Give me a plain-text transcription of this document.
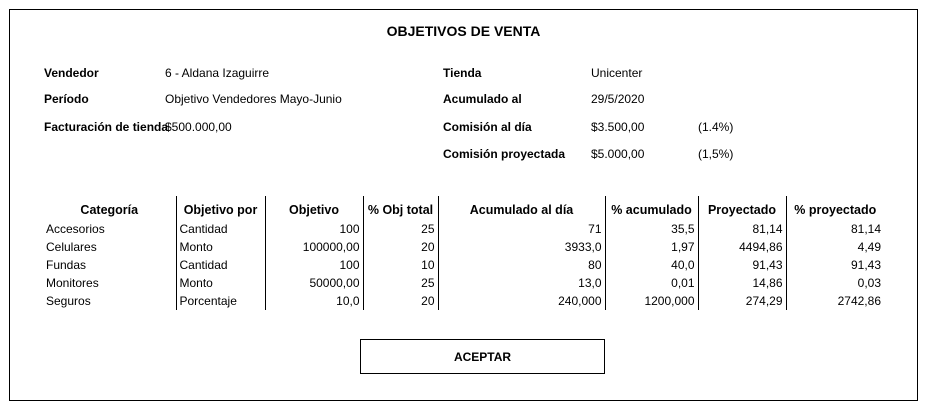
OBJETIVOS DE VENTA
Vendedor	6 - Aldana Izaguirre
Período	Objetivo Vendedores Mayo-Junio
Facturación de tienda
$500.000,00
Tienda	Unicenter
Acumulado al	29/5/2020
Comisión al día	$3.500,00	(1.4%)
Comisión proyectada $5.000,00	(1,5%)
Categoría	Objetivo por	Objetivo	% Obj total	Acumulado al día	% acumulado	Proyectado	% proyectado
Accesorios	Cantidad	100	25	71	35,5	81,14	81,14
Celulares	Monto	100000,00	20	3933,0	1,97	4494,86	4,49
Fundas	Cantidad	100	10	80	40,0	91,43	91,43
Monitores	Monto	50000,00	25	13,0	0,01	14,86	0,03
Seguros	Porcentaje	10,0	20	240,000	1200,000	274,29	2742,86
ACEPTAR
